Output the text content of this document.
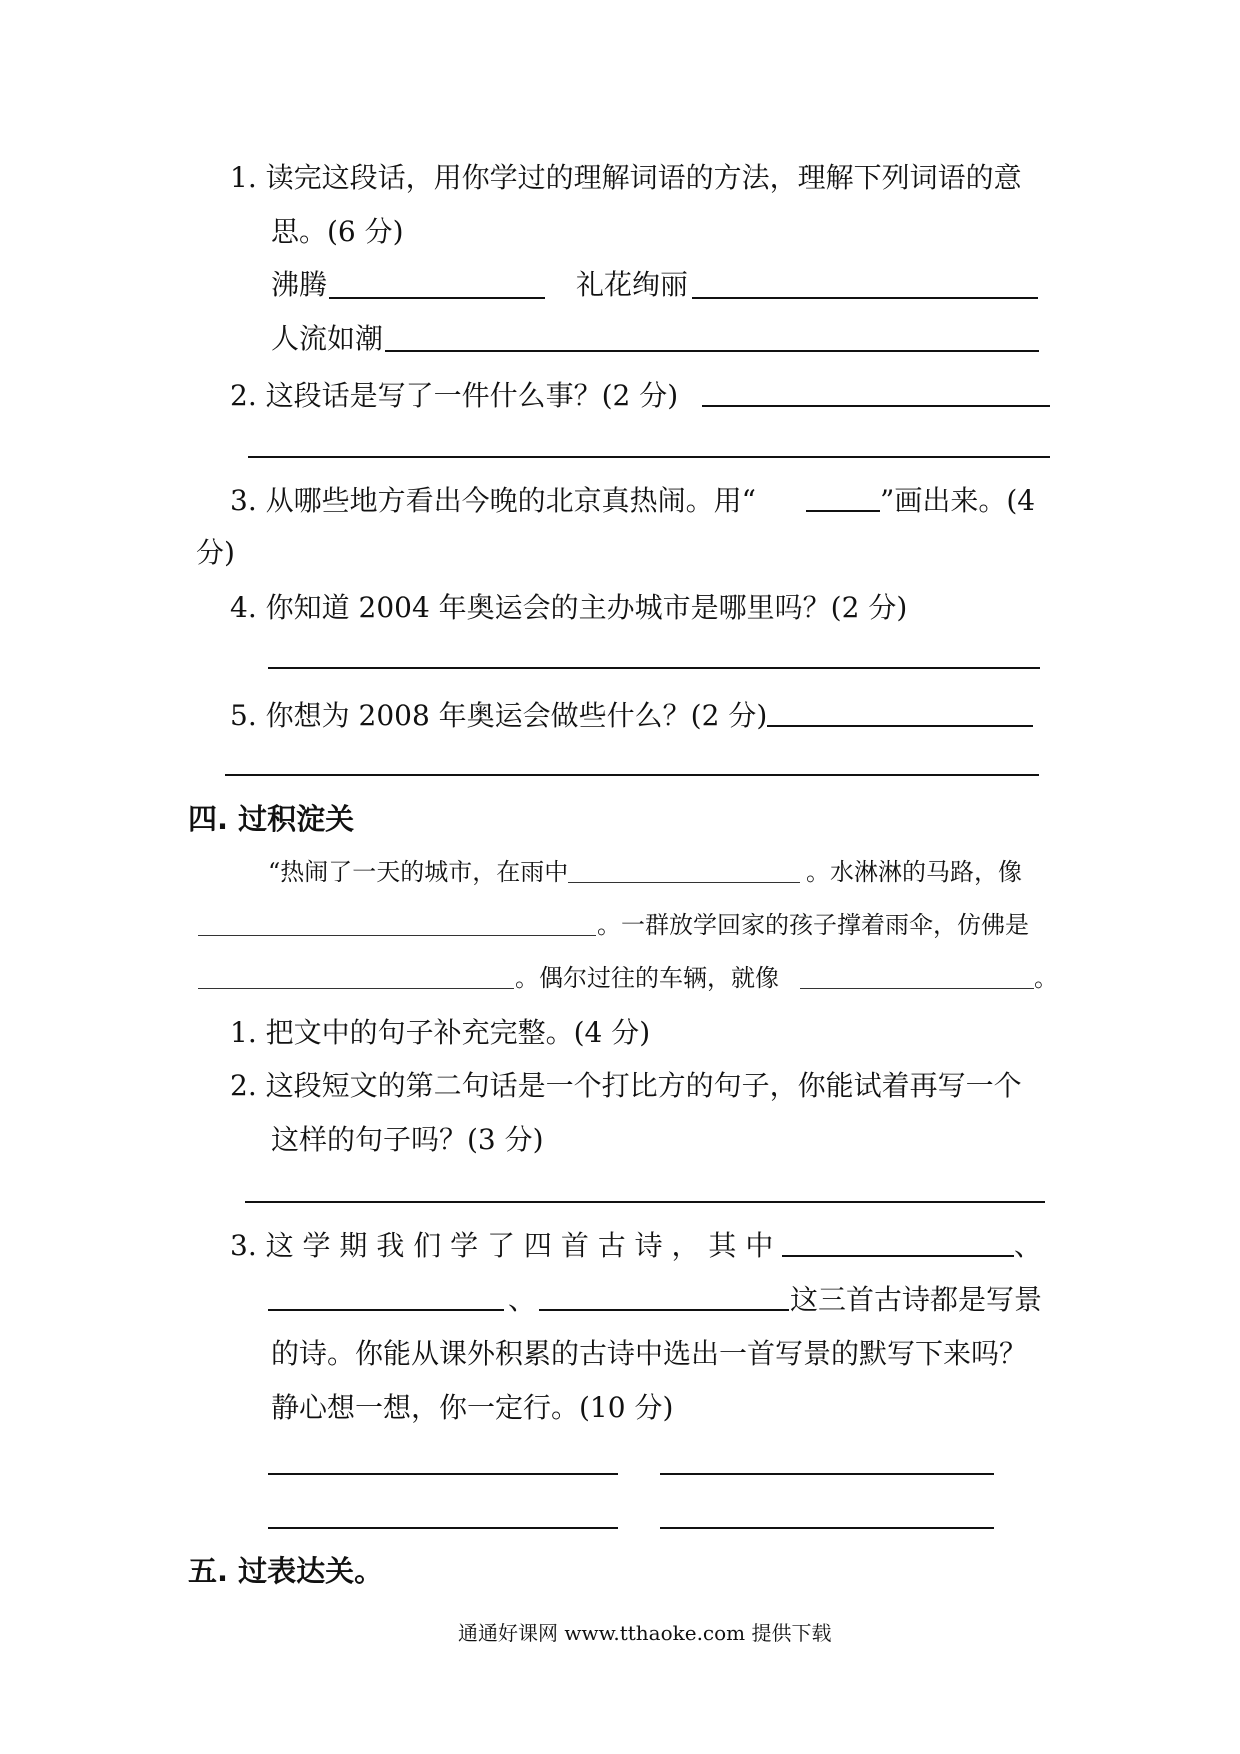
1. 读完这段话，用你学过的理解词语的方法，理解下列词语的意
思。(6 分)
沸腾	礼花绚丽
人流如潮
2. 这段话是写了一件什么事？(2 分)
3. 从哪些地方看出今晚的北京真热闹。用“	”画出来。(4
分)
4. 你知道 2004 年奥运会的主办城市是哪里吗？(2 分)
5. 你想为 2008 年奥运会做些什么？(2 分)
四. 过积淀关
“热闹了一天的城市，在雨中	。水淋淋的马路，像
。一群放学回家的孩子撑着雨伞，仿佛是
。偶尔过往的车辆，就像	。
1. 把文中的句子补充完整。(4 分)
2. 这段短文的第二句话是一个打比方的句子，你能试着再写一个
这样的句子吗？(3 分)
3. 这 学 期 我 们 学 了 四 首 古 诗 ， 其 中	、
、	这三首古诗都是写景
的诗。你能从课外积累的古诗中选出一首写景的默写下来吗？
静心想一想，你一定行。(10 分)
五. 过表达关。
通通好课网 www.tthaoke.com 提供下载
